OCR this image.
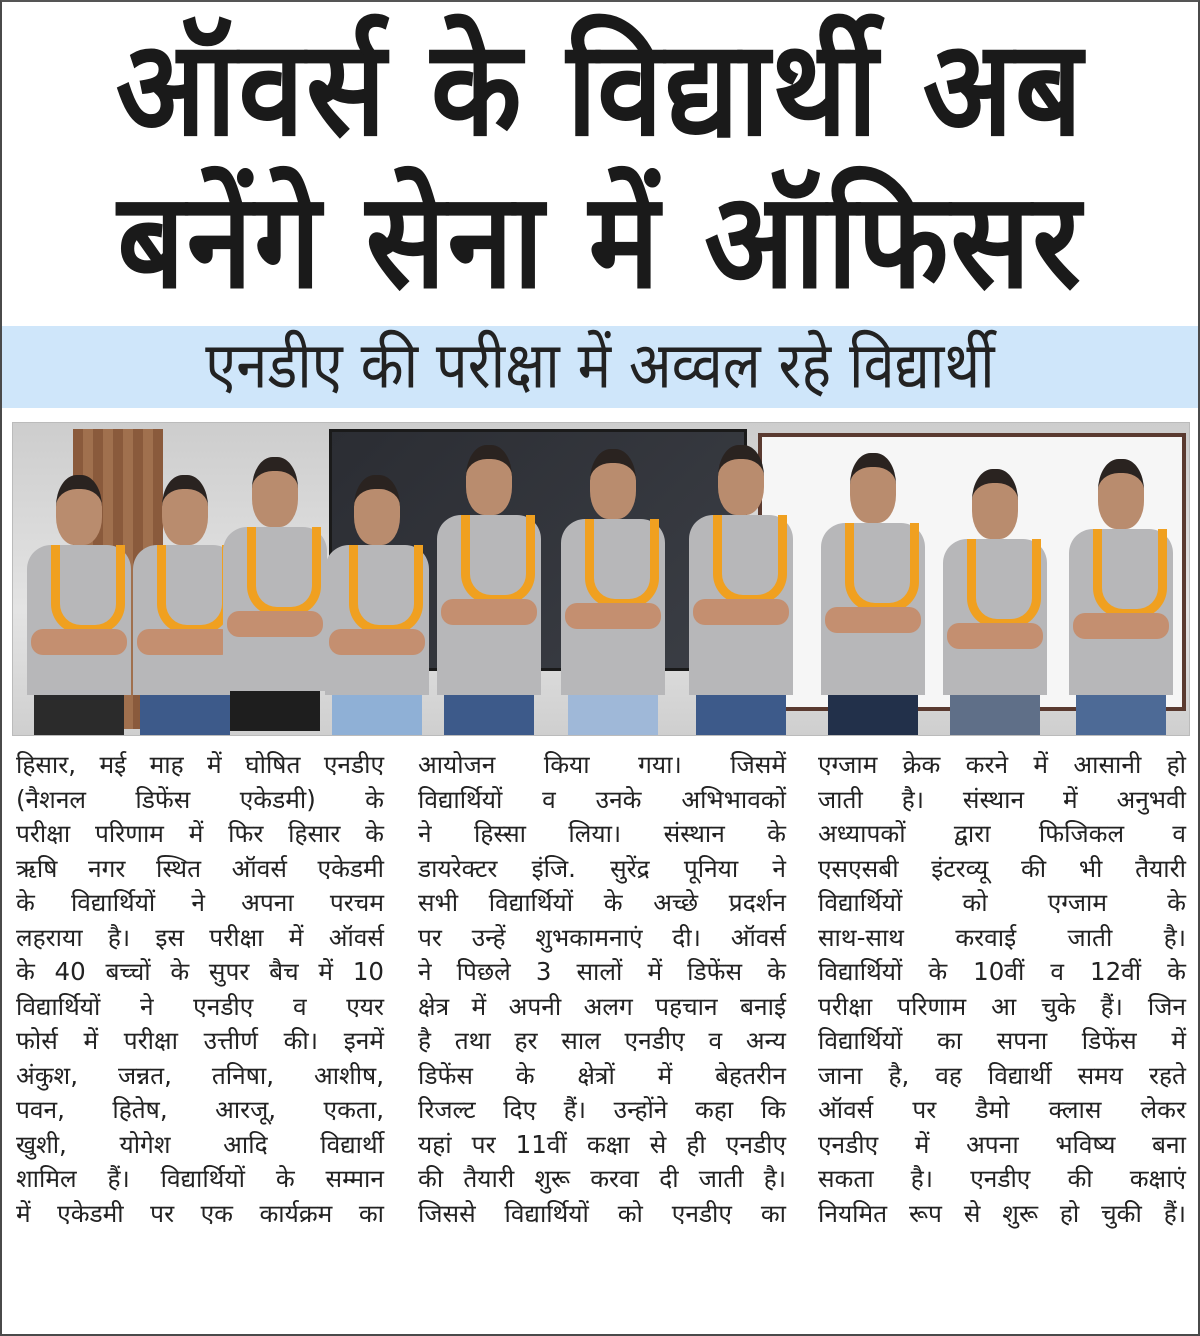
ऑवर्स के विद्यार्थी अब
बनेंगे सेना में ऑफिसर
एनडीए की परीक्षा में अव्वल रहे विद्यार्थी

हिसार, मई माह में घोषित एनडीए

(नैशनल डिफेंस एकेडमी) के

परीक्षा परिणाम में फिर हिसार के

ऋषि नगर स्थित ऑवर्स एकेडमी

के विद्यार्थियों ने अपना परचम

लहराया है। इस परीक्षा में ऑवर्स

के 40 बच्चों के सुपर बैच में 10

विद्यार्थियों ने एनडीए व एयर

फोर्स में परीक्षा उत्तीर्ण की। इनमें

अंकुश, जन्नत, तनिषा, आशीष,

पवन, हितेष, आरजू, एकता,

खुशी, योगेश आदि विद्यार्थी

शामिल हैं। विद्यार्थियों के सम्मान

में एकेडमी पर एक कार्यक्रम का

आयोजन किया गया। जिसमें

विद्यार्थियों व उनके अभिभावकों

ने हिस्सा लिया। संस्थान के

डायरेक्टर इंजि. सुरेंद्र पूनिया ने

सभी विद्यार्थियों के अच्छे प्रदर्शन

पर उन्हें शुभकामनाएं दी। ऑवर्स

ने पिछले 3 सालों में डिफेंस के

क्षेत्र में अपनी अलग पहचान बनाई

है तथा हर साल एनडीए व अन्य

डिफेंस के क्षेत्रों में बेहतरीन

रिजल्ट दिए हैं। उन्होंने कहा कि

यहां पर 11वीं कक्षा से ही एनडीए

की तैयारी शुरू करवा दी जाती है।

जिससे विद्यार्थियों को एनडीए का

एग्जाम क्रेक करने में आसानी हो

जाती है। संस्थान में अनुभवी

अध्यापकों द्वारा फिजिकल व

एसएसबी इंटरव्यू की भी तैयारी

विद्यार्थियों को एग्जाम के

साथ-साथ करवाई जाती है।

विद्यार्थियों के 10वीं व 12वीं के

परीक्षा परिणाम आ चुके हैं। जिन

विद्यार्थियों का सपना डिफेंस में

जाना है, वह विद्यार्थी समय रहते

ऑवर्स पर डैमो क्लास लेकर

एनडीए में अपना भविष्य बना

सकता है। एनडीए की कक्षाएं

नियमित रूप से शुरू हो चुकी हैं।
